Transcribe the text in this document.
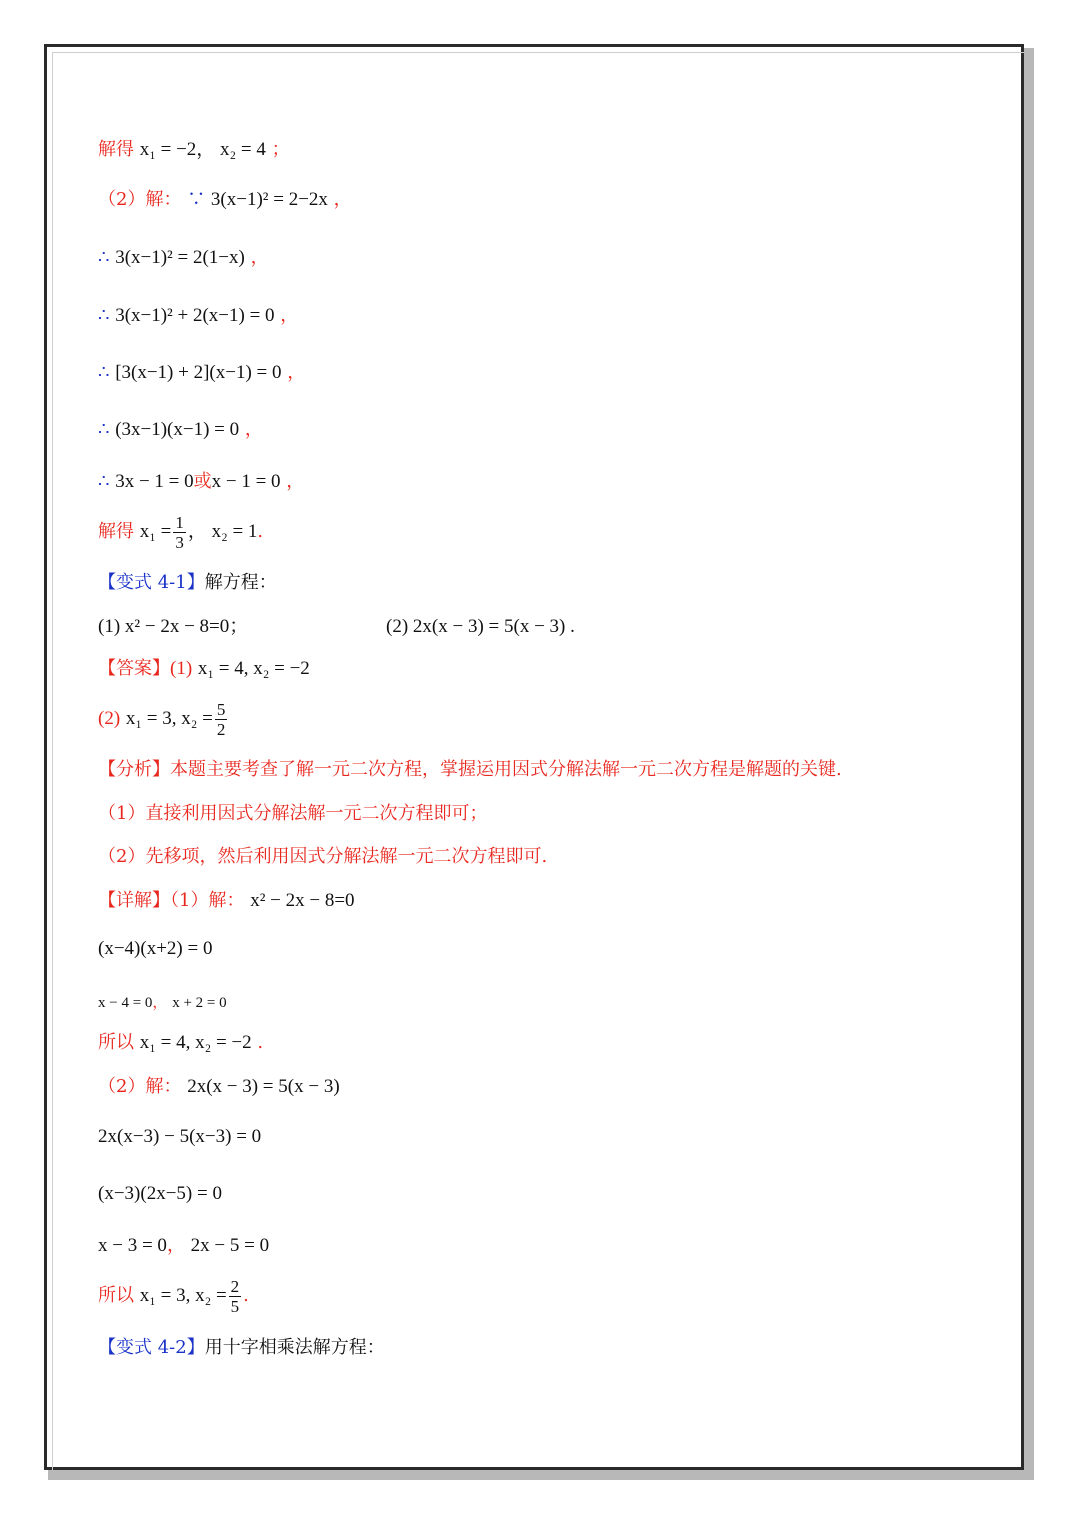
解得 x₁ = −2， x₂ = 4 ；
（2）解： ∵ 3(x−1)² = 2−2x ，
∴ 3(x−1)² = 2(1−x) ，
∴ 3(x−1)² + 2(x−1) = 0 ，
∴ [3(x−1) + 2](x−1) = 0 ，
∴ (3x−1)(x−1) = 0 ，
∴ 3x − 1 = 0或x − 1 = 0 ，
解得 $x_1 = \frac{1}{3}$ ， x₂ = 1.
【变式 4-1】解方程：
(1) x² − 2x − 8=0；	(2) 2x(x − 3) = 5(x − 3) .
【答案】(1) x₁ = 4, x₂ = −2
(2) x₁ = 3, $x_2 = \frac{5}{2}$
【分析】本题主要考查了解一元二次方程，掌握运用因式分解法解一元二次方程是解题的关键.
（1）直接利用因式分解法解一元二次方程即可；
（2）先移项，然后利用因式分解法解一元二次方程即可.
【详解】（1）解： x² − 2x − 8=0
(x−4)(x+2) = 0
x − 4 = 0， x + 2 = 0
所以 x₁ = 4, x₂ = −2 .
（2）解： 2x(x − 3) = 5(x − 3)
2x(x−3) − 5(x−3) = 0
(x−3)(2x−5) = 0
x − 3 = 0， 2x − 5 = 0
所以 x₁ = 3, $x_2 = \frac{2}{5}$ .
【变式 4-2】用十字相乘法解方程：
